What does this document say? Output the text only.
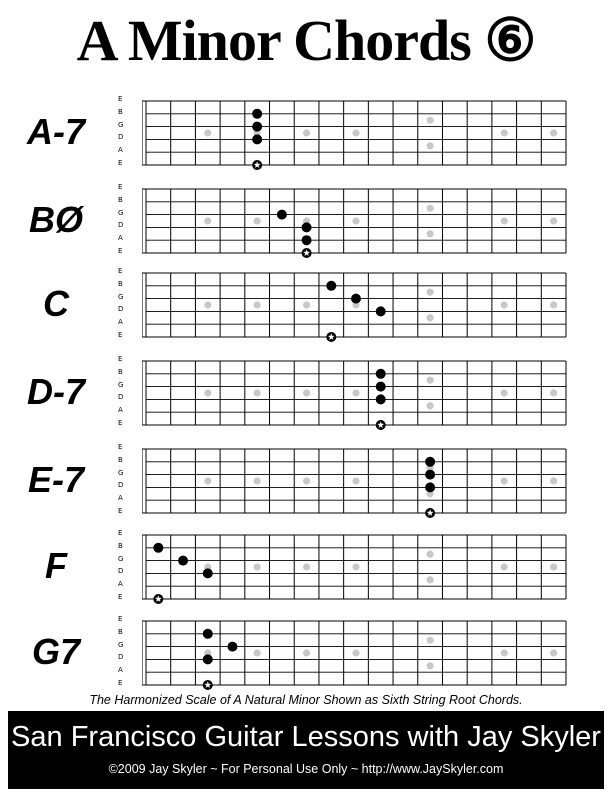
A Minor Chords ⑥
A-7
E
B
G
D
A
E
BØ
E
B
G
D
A
E
C
E
B
G
D
A
E
D-7
E
B
G
D
A
E
E-7
E
B
G
D
A
E
F
E
B
G
D
A
E
G7
E
B
G
D
A
E
The Harmonized Scale of A Natural Minor Shown as Sixth String Root Chords.
San Francisco Guitar Lessons with Jay Skyler
©2009 Jay Skyler ~ For Personal Use Only ~ http://www.JaySkyler.com
